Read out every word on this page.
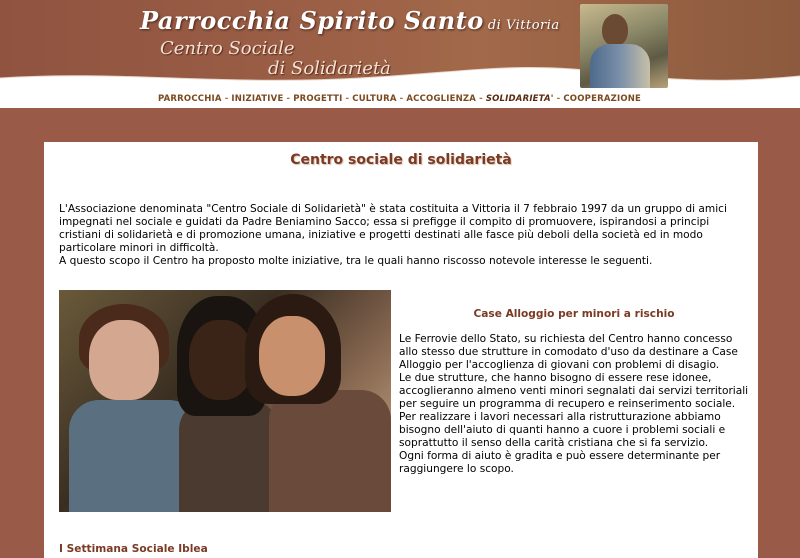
Parrocchia Spirito Santo di Vittoria
Centro Sociale
di Solidarietà
PARROCCHIA - INIZIATIVE - PROGETTI - CULTURA - ACCOGLIENZA - SOLIDARIETA' - COOPERAZIONE
Centro sociale di solidarietà

L'Associazione denominata "Centro Sociale di Solidarietà" è stata costituita a Vittoria il 7 febbraio 1997 da un gruppo di amici impegnati nel sociale e guidati da Padre Beniamino Sacco; essa si prefigge il compito di promuovere, ispirandosi a principi cristiani di solidarietà e di promozione umana, iniziative e progetti destinati alle fasce più deboli della società ed in modo particolare minori in difficoltà.

A questo scopo il Centro ha proposto molte iniziative, tra le quali hanno riscosso notevole interesse le seguenti.

Case Alloggio per minori a rischio

Le Ferrovie dello Stato, su richiesta del Centro hanno concesso allo stesso due strutture in comodato d'uso da destinare a Case Alloggio per l'accoglienza di giovani con problemi di disagio.

Le due strutture, che hanno bisogno di essere rese idonee, accoglieranno almeno venti minori segnalati dai servizi territoriali per seguire un programma di recupero e reinserimento sociale.

Per realizzare i lavori necessari alla ristrutturazione abbiamo bisogno dell'aiuto di quanti hanno a cuore i problemi sociali e soprattutto il senso della carità cristiana che si fa servizio.

Ogni forma di aiuto è gradita e può essere determinante per raggiungere lo scopo.

I Settimana Sociale Iblea
